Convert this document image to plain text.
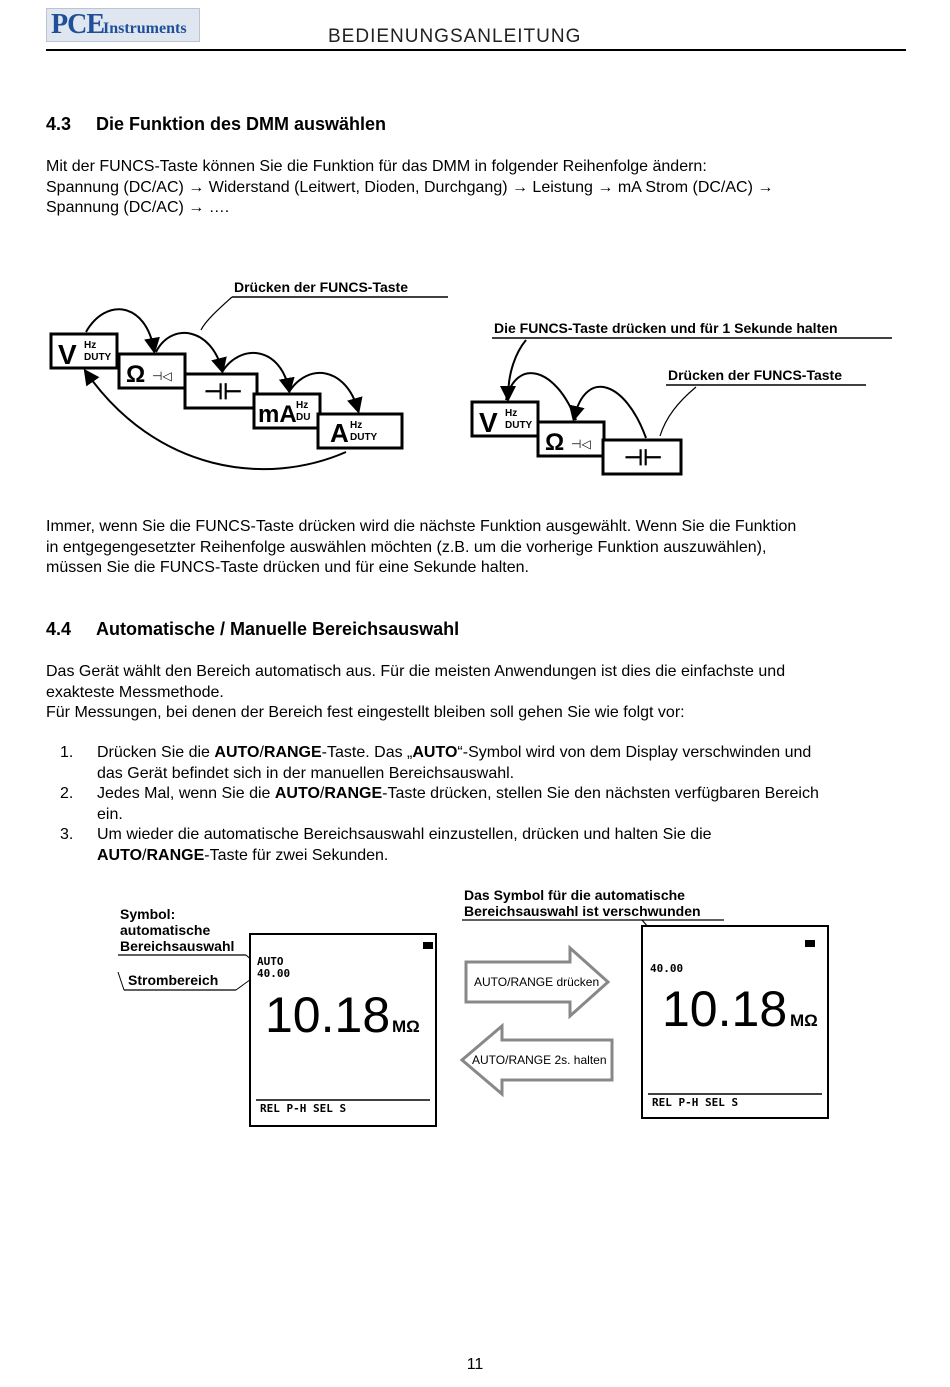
PCE Instruments	BEDIENUNGSANLEITUNG
4.3 Die Funktion des DMM auswählen
Mit der FUNCS-Taste können Sie die Funktion für das DMM in folgender Reihenfolge ändern:
Spannung (DC/AC) → Widerstand (Leitwert, Dioden, Durchgang) → Leistung → mA Strom (DC/AC) →
Spannung (DC/AC) → ….
Drücken der FUNCS-Taste
V Hz
DUTY
Ω ⊣◁
⊣⊢
mA Hz
DU
A Hz
DUTY
Die FUNCS-Taste drücken und für 1 Sekunde halten
Drücken der FUNCS-Taste
V Hz
DUTY
Ω ⊣◁
⊣⊢
Immer, wenn Sie die FUNCS-Taste drücken wird die nächste Funktion ausgewählt. Wenn Sie die Funktion
in entgegengesetzter Reihenfolge auswählen möchten (z.B. um die vorherige Funktion auszuwählen),
müssen Sie die FUNCS-Taste drücken und für eine Sekunde halten.
4.4 Automatische / Manuelle Bereichsauswahl
Das Gerät wählt den Bereich automatisch aus. Für die meisten Anwendungen ist dies die einfachste und
exakteste Messmethode.
Für Messungen, bei denen der Bereich fest eingestellt bleiben soll gehen Sie wie folgt vor:
1. Drücken Sie die AUTO/RANGE-Taste. Das „AUTO“-Symbol wird von dem Display verschwinden und
das Gerät befindet sich in der manuellen Bereichsauswahl.
2. Jedes Mal, wenn Sie die AUTO/RANGE-Taste drücken, stellen Sie den nächsten verfügbaren Bereich
ein.
3. Um wieder die automatische Bereichsauswahl einzustellen, drücken und halten Sie die
AUTO/RANGE-Taste für zwei Sekunden.
Symbol:
automatische
Bereichsauswahl
Strombereich
AUTO
40.00
10.18 MΩ
REL P-H SEL S
Das Symbol für die automatische
Bereichsauswahl ist verschwunden
AUTO/RANGE drücken
AUTO/RANGE 2s. halten
40.00
10.18 MΩ
REL P-H SEL S
11
